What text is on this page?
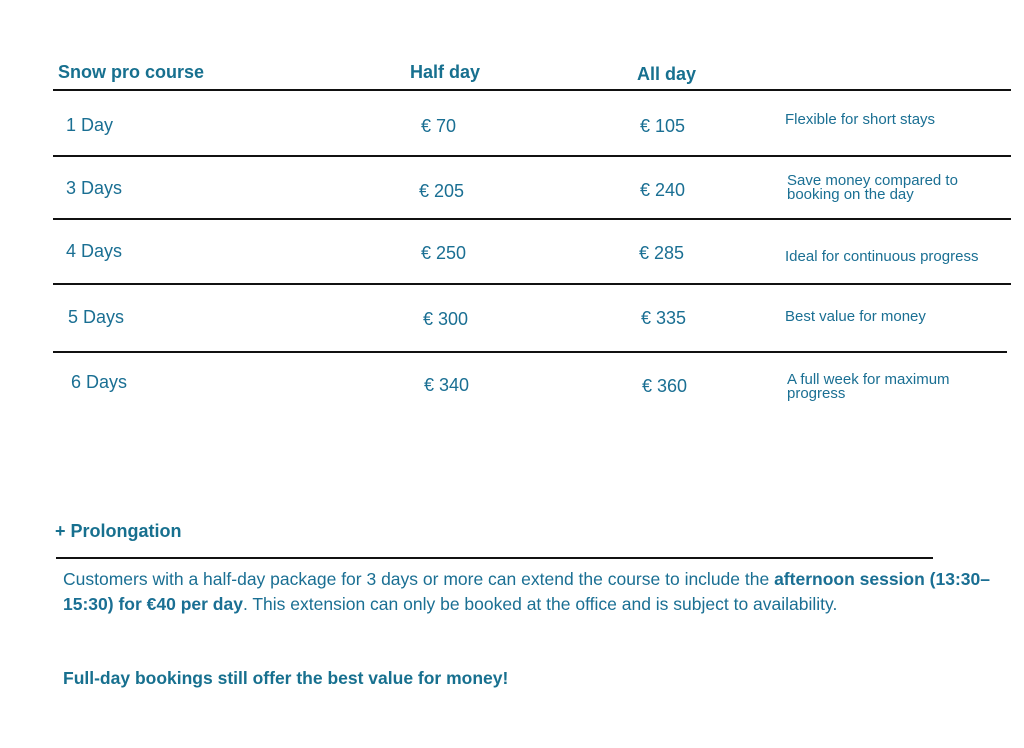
Snow pro course	Half day	All day
1 Day	€ 70	€ 105	Flexible for short stays
3 Days	€ 205	€ 240	Save money compared to booking on the day
4 Days	€ 250	€ 285	Ideal for continuous progress
5 Days	€ 300	€ 335	Best value for money
6 Days	€ 340	€ 360	A full week for maximum progress
+ Prolongation
Customers with a half-day package for 3 days or more can extend the course to include the afternoon session (13:30–15:30) for €40 per day. This extension can only be booked at the office and is subject to availability.
Full-day bookings still offer the best value for money!
